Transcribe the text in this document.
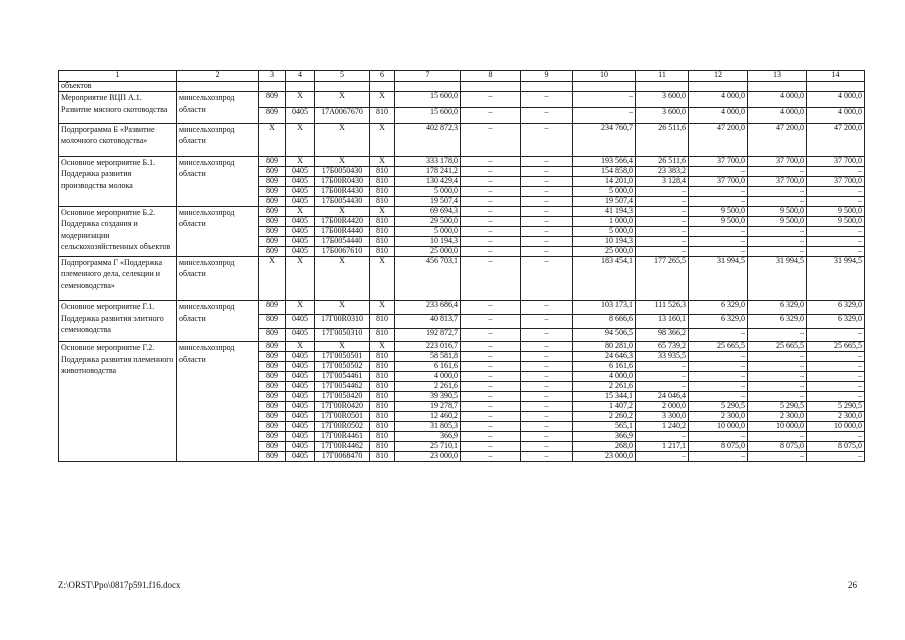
1	2	3	4	5	6	7	8	9	10	11	12	13	14
объектов													
Мероприятие ВЦП А.1. Развитие мясного скотоводства	минсельхозпрод области	809	Х	Х	Х	15 600,0	–	–	–	3 600,0	4 000,0	4 000,0	4 000,0
		809	0405	17А0067670	810	15 600,0	–	–	–	3 600,0	4 000,0	4 000,0	4 000,0
Подпрограмма Б «Развитие молочного скотоводства»	минсельхозпрод области	Х	Х	Х	Х	402 872,3	–	–	234 760,7	26 511,6	47 200,0	47 200,0	47 200,0
Основное мероприятие Б.1. Поддержка развития производства молока	минсельхозпрод области	809	Х	Х	Х	333 178,0	–	–	193 566,4	26 511,6	37 700,0	37 700,0	37 700,0
		809	0405	17Б0050430	810	178 241,2	–	–	154 858,0	23 383,2	–	–	–
		809	0405	17Б00R0430	810	130 429,4	–	–	14 201,0	3 128,4	37 700,0	37 700,0	37 700,0
		809	0405	17Б00R4430	810	5 000,0	–	–	5 000,0	–	–	–	–
		809	0405	17Б0054430	810	19 507,4	–	–	19 507,4	–	–	–	–
Основное мероприятие Б.2. Поддержка создания и модернизации сельскохозяйственных объектов	минсельхозпрод области	809	Х	Х	Х	69 694,3	–	–	41 194,3	–	9 500,0	9 500,0	9 500,0
		809	0405	17Б00R4420	810	29 500,0	–	–	1 000,0	–	9 500,0	9 500,0	9 500,0
		809	0405	17Б00R4440	810	5 000,0	–	–	5 000,0	–	–	–	–
		809	0405	17Б0054440	810	10 194,3	–	–	10 194,3	–	–	–	–
		809	0405	17Б0067610	810	25 000,0	–	–	25 000,0	–	–	–	–
Подпрограмма Г «Поддержка племенного дела, селекции и семеноводства»	минсельхозпрод области	Х	Х	Х	Х	456 703,1	–	–	183 454,1	177 265,5	31 994,5	31 994,5	31 994,5
Основное мероприятие Г.1. Поддержка развития элитного семеноводства	минсельхозпрод области	809	Х	Х	Х	233 686,4	–	–	103 173,1	111 526,3	6 329,0	6 329,0	6 329,0
		809	0405	17Г00R0310	810	40 813,7	–	–	8 666,6	13 160,1	6 329,0	6 329,0	6 329,0
		809	0405	17Г0050310	810	192 872,7	–	–	94 506,5	98 366,2	–	–	–
Основное мероприятие Г.2. Поддержка развития племенного животноводства	минсельхозпрод области	809	Х	Х	Х	223 016,7	–	–	80 281,0	65 739,2	25 665,5	25 665,5	25 665,5
		809	0405	17Г0050501	810	58 581,8	–	–	24 646,3	33 935,5	–	–	–
		809	0405	17Г0050502	810	6 161,6	–	–	6 161,6	–	–	–	–
		809	0405	17Г0054461	810	4 000,0	–	–	4 000,0	–	–	–	–
		809	0405	17Г0054462	810	2 261,6	–	–	2 261,6	–	–	–	–
		809	0405	17Г0050420	810	39 390,5	–	–	15 344,1	24 046,4	–	–	–
		809	0405	17Г00R0420	810	19 278,7	–	–	1 407,2	2 000,0	5 290,5	5 290,5	5 290,5
		809	0405	17Г00R0501	810	12 460,2	–	–	2 260,2	3 300,0	2 300,0	2 300,0	2 300,0
		809	0405	17Г00R0502	810	31 805,3	–	–	565,1	1 240,2	10 000,0	10 000,0	10 000,0
		809	0405	17Г00R4461	810	366,9	–	–	366,9	–	–	–	–
		809	0405	17Г00R4462	810	25 710,1	–	–	268,0	1 217,1	8 075,0	8 075,0	8 075,0
		809	0405	17Г0068470	810	23 000,0	–	–	23 000,0	–	–	–	–
Z:\ORST\Ppo\0817p591.f16.docx	26
